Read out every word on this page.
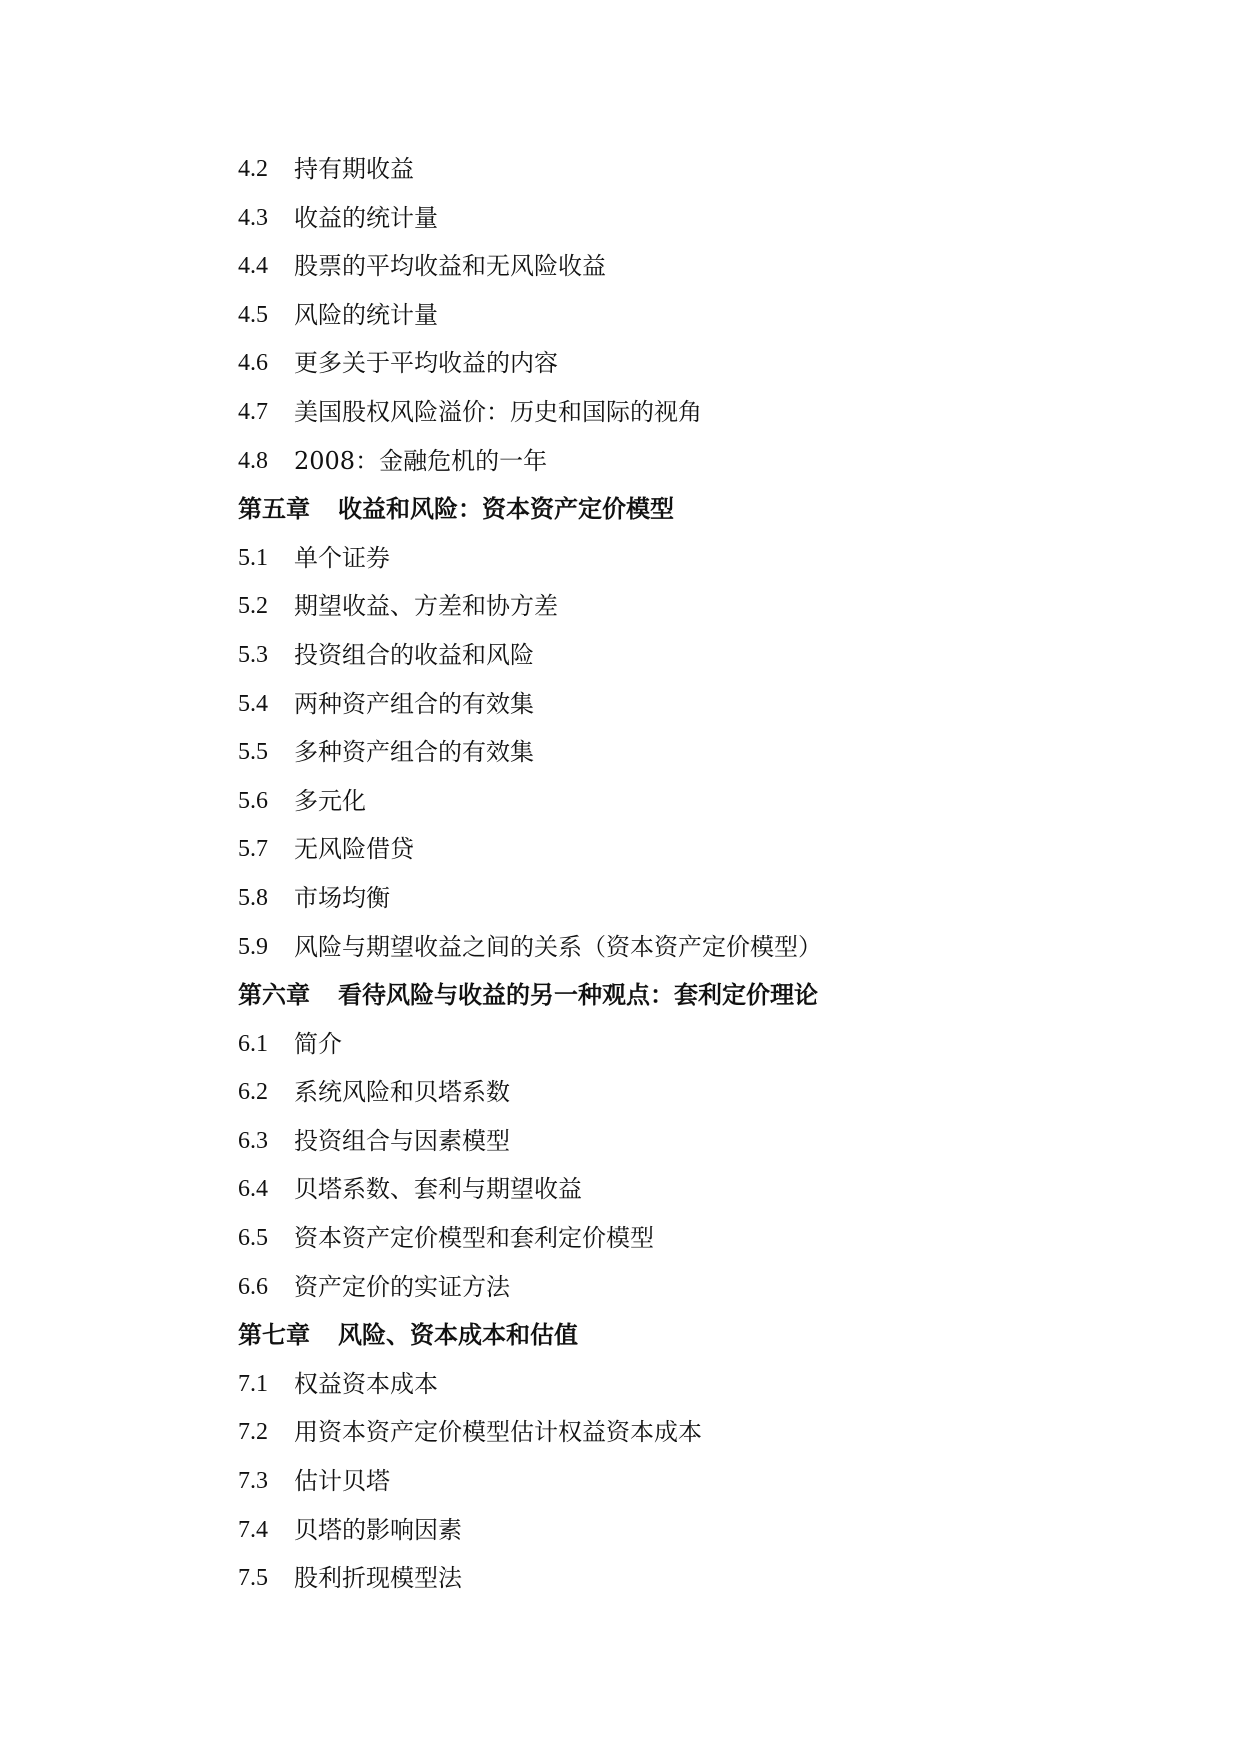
4.2	持有期收益
4.3	收益的统计量
4.4	股票的平均收益和无风险收益
4.5	风险的统计量
4.6	更多关于平均收益的内容
4.7	美国股权风险溢价：历史和国际的视角
4.8	2008：金融危机的一年
第五章	收益和风险：资本资产定价模型
5.1	单个证券
5.2	期望收益、方差和协方差
5.3	投资组合的收益和风险
5.4	两种资产组合的有效集
5.5	多种资产组合的有效集
5.6	多元化
5.7	无风险借贷
5.8	市场均衡
5.9	风险与期望收益之间的关系（资本资产定价模型）
第六章	看待风险与收益的另一种观点：套利定价理论
6.1	简介
6.2	系统风险和贝塔系数
6.3	投资组合与因素模型
6.4	贝塔系数、套利与期望收益
6.5	资本资产定价模型和套利定价模型
6.6	资产定价的实证方法
第七章	风险、资本成本和估值
7.1	权益资本成本
7.2	用资本资产定价模型估计权益资本成本
7.3	估计贝塔
7.4	贝塔的影响因素
7.5	股利折现模型法
